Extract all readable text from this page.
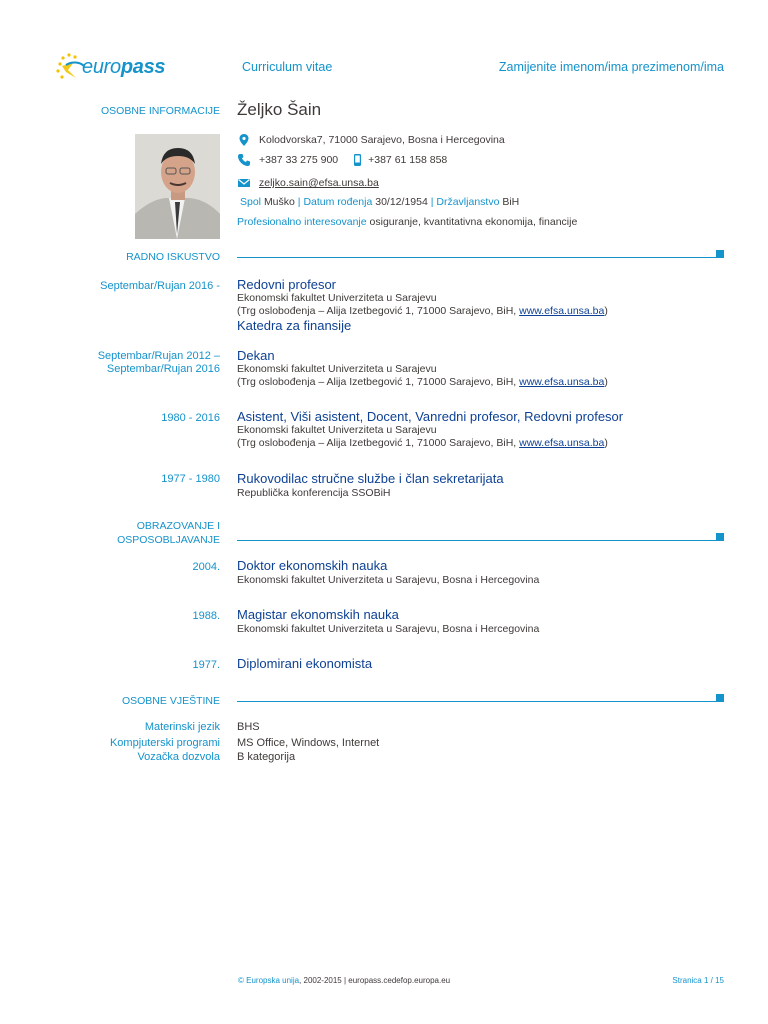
europass	Curriculum vitae	Zamijenite imenom/ima prezimenom/ima
OSOBNE INFORMACIJE Željko Šain
Kolodvorska7, 71000 Sarajevo, Bosna i Hercegovina
+387 33 275 900	+387 61 158 858
zeljko.sain@efsa.unsa.ba
Spol Muško | Datum rođenja 30/12/1954 | Državljanstvo BiH
Profesionalno interesovanje osiguranje, kvantitativna ekonomija, financije
RADNO ISKUSTVO
Septembar/Rujan 2016 - Redovni profesor
Ekonomski fakultet Univerziteta u Sarajevu
(Trg oslobođenja – Alija Izetbegović 1, 71000 Sarajevo, BiH, www.efsa.unsa.ba)
Katedra za finansije
Septembar/Rujan 2012 –
Septembar/Rujan 2016
Dekan
Ekonomski fakultet Univerziteta u Sarajevu
(Trg oslobođenja – Alija Izetbegović 1, 71000 Sarajevo, BiH, www.efsa.unsa.ba)
1980 - 2016 Asistent, Viši asistent, Docent, Vanredni profesor, Redovni profesor
Ekonomski fakultet Univerziteta u Sarajevu
(Trg oslobođenja – Alija Izetbegović 1, 71000 Sarajevo, BiH, www.efsa.unsa.ba)
1977 - 1980 Rukovodilac stručne službe i član sekretarijata
Republička konferencija SSOBiH
OBRAZOVANJE I
OSPOSOBLJAVANJE
2004. Doktor ekonomskih nauka
Ekonomski fakultet Univerziteta u Sarajevu, Bosna i Hercegovina
1988. Magistar ekonomskih nauka
Ekonomski fakultet Univerziteta u Sarajevu, Bosna i Hercegovina
1977. Diplomirani ekonomista
OSOBNE VJEŠTINE
Materinski jezik BHS
Kompjuterski programi MS Office, Windows, Internet
Vozačka dozvola B kategorija
© Europska unija, 2002-2015 | europass.cedefop.europa.eu	Stranica 1 / 15
